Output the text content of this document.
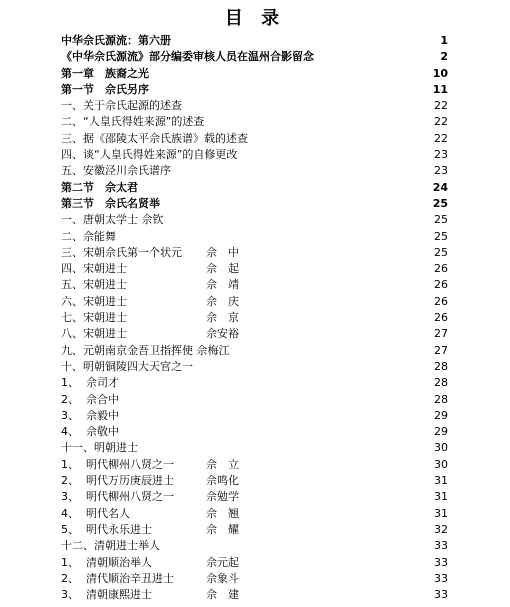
目 录
中华佘氏源流：第六册	1
《中华佘氏源流》部分编委审核人员在温州合影留念	2
第一章　族裔之光	10
第一节　佘氏另序	11
一、关于佘氏起源的述查	22
二、“人皇氏得姓来源”的述查	22
三、据《邵陵太平佘氏族谱》载的述查	22
四、谈“人皇氏得姓来源”的自修更改	23
五、安徽泾川佘氏谱序	23
第二节　佘太君	24
第三节　佘氏名贤举	25
一、唐朝太学士 佘钦	25
二、佘能舞	25
三、宋朝佘氏第一个状元 佘　中	25
四、宋朝进士	佘　起	26
五、宋朝进士	佘　靖	26
六、宋朝进士	佘　庆	26
七、宋朝进士	佘　京	26
八、宋朝进士	佘安裕	27
九、元朝南京金吾卫指挥使 佘梅江	27
十、明朝铜陵四大天官之一	28
1、 佘司才	28
2、 佘合中	28
3、 佘毅中	29
4、 佘敬中	29
十一、明朝进士	30
1、 明代柳州八贤之一	佘　立	30
2、 明代万历庚辰进士	佘鸣化	31
3、 明代柳州八贤之一	佘勉学	31
4、 明代名人	佘　翘	31
5、 明代永乐进士	佘　耀	32
十二、清朝进士举人	33
1、 清朝顺治举人	佘元起	33
2、 清代顺治辛丑进士	佘象斗	33
3、 清朝康熙进士	佘　建	33
